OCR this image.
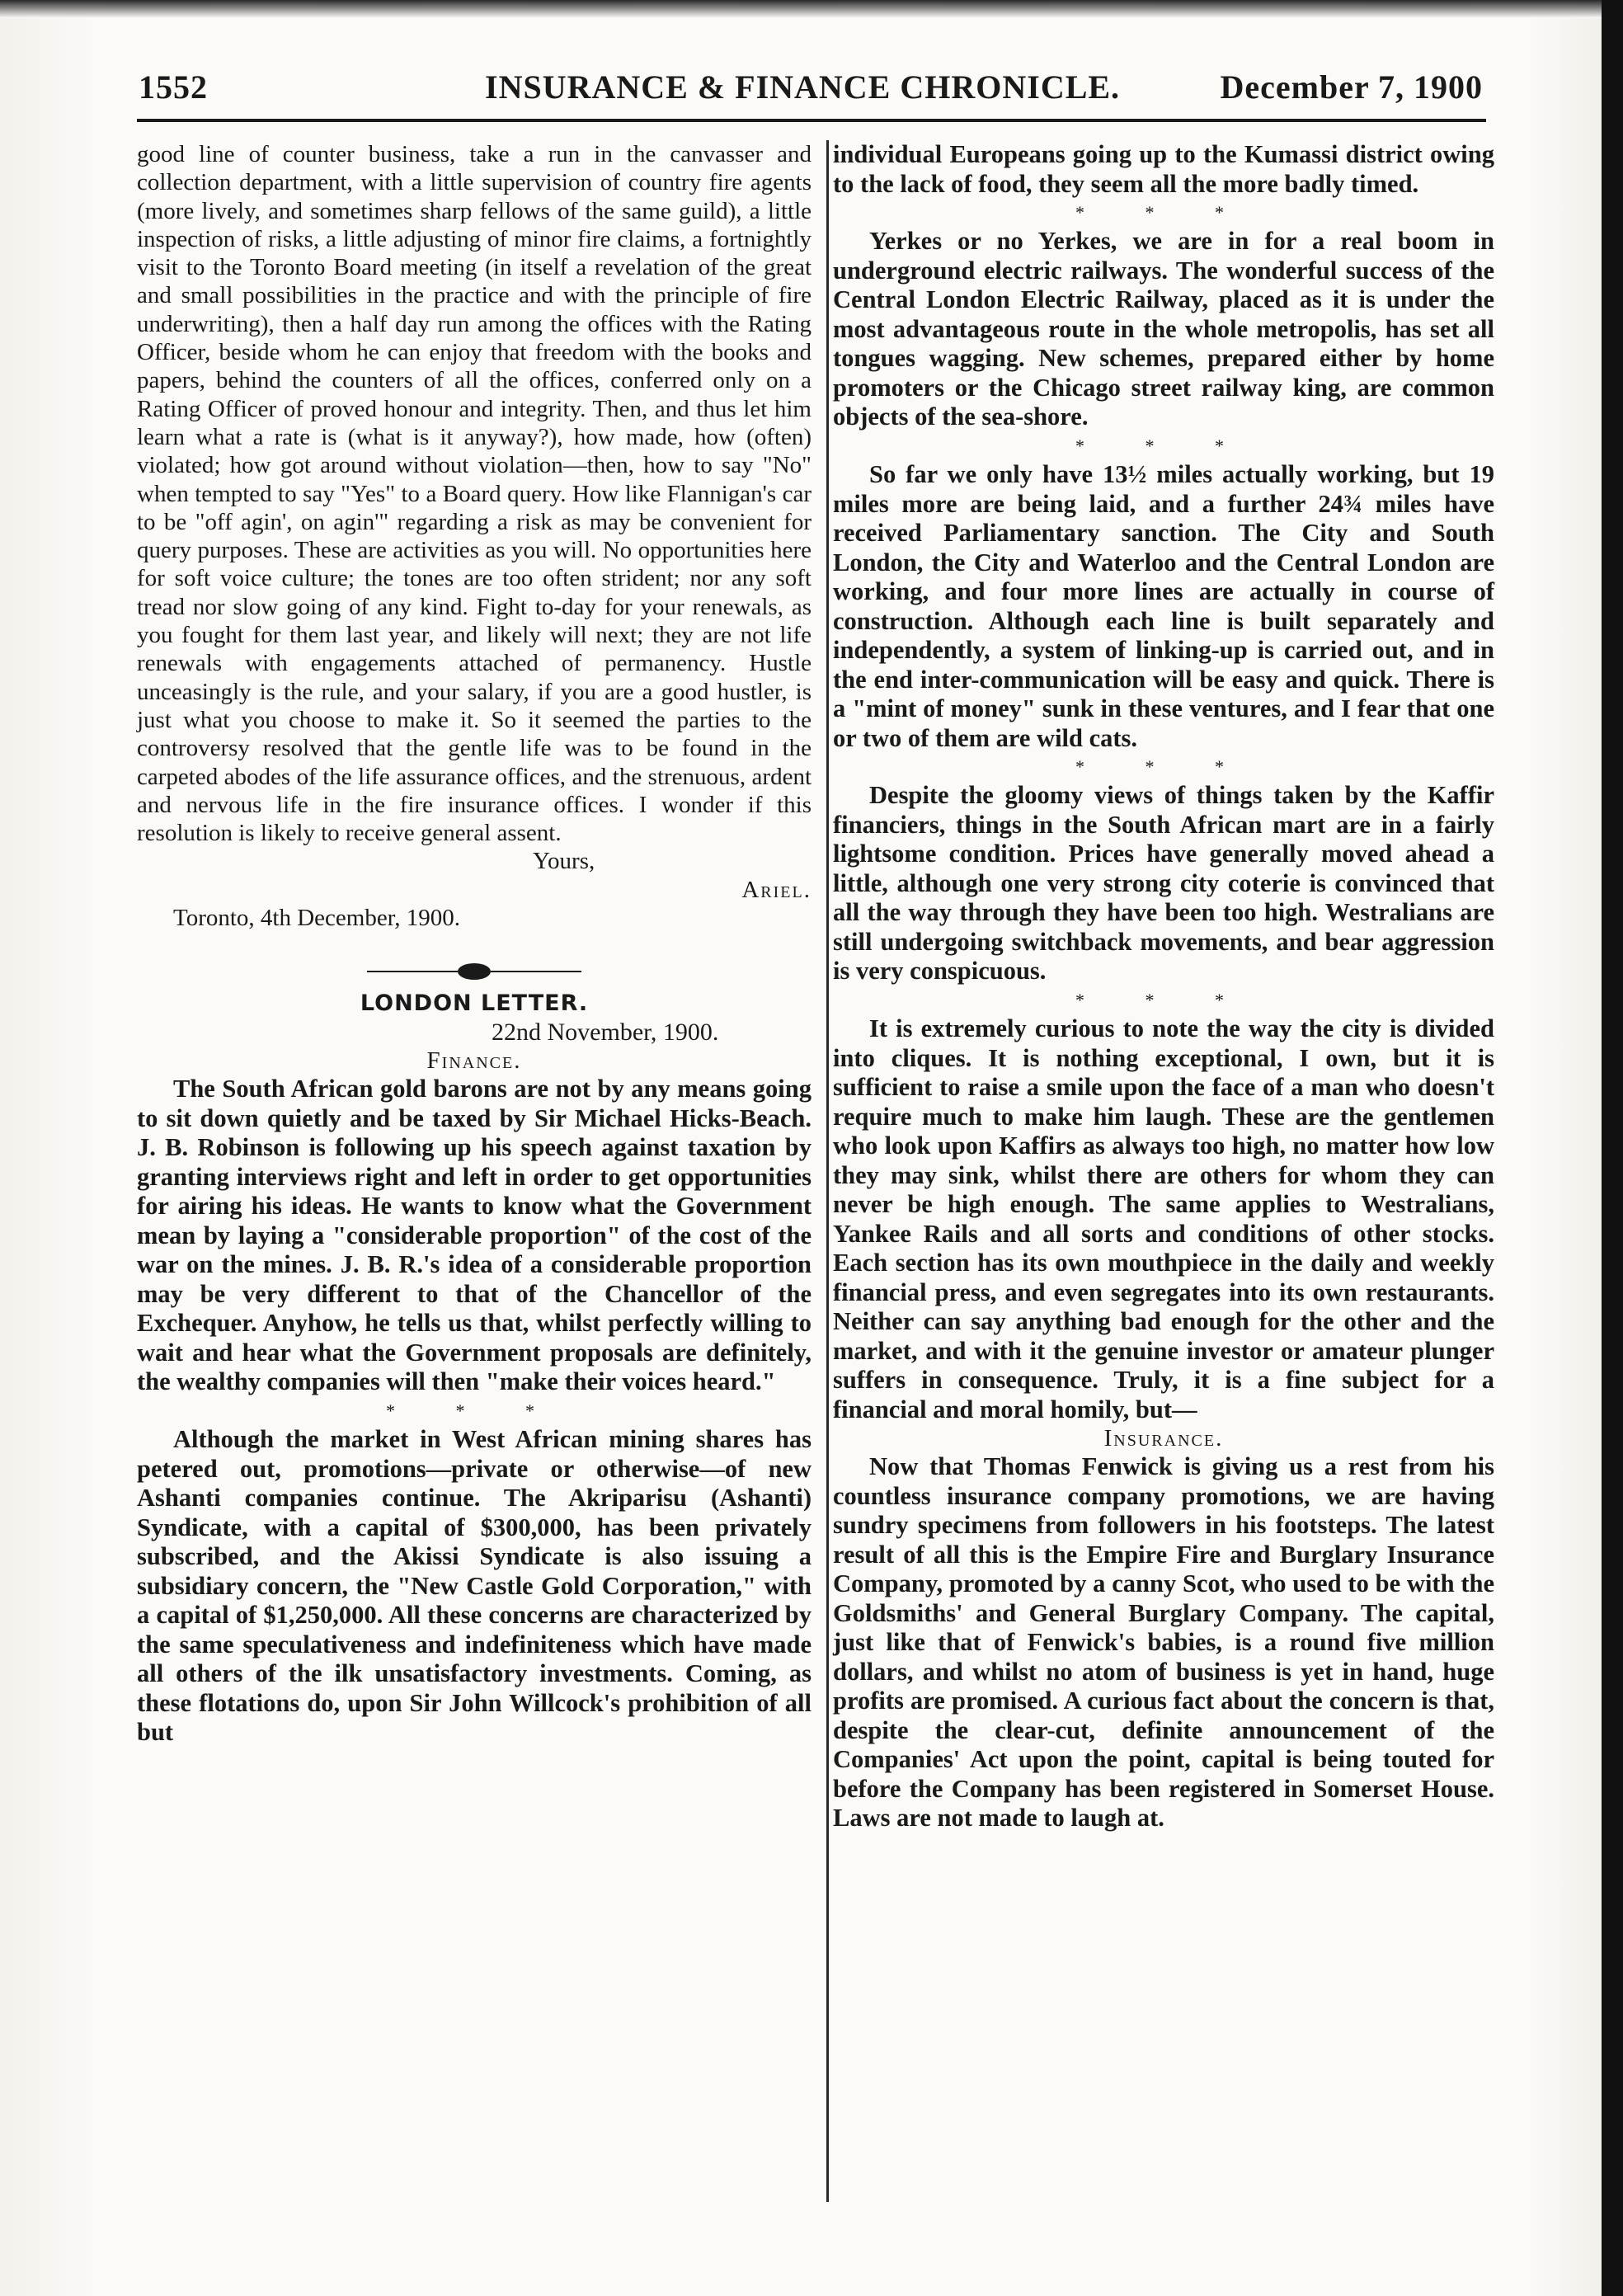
1552	INSURANCE & FINANCE CHRONICLE.	December 7, 1900

good line of counter business, take a run in the canvasser and collection department, with a little supervision of country fire agents (more lively, and sometimes sharp fellows of the same guild), a little inspection of risks, a little adjusting of minor fire claims, a fortnightly visit to the Toronto Board meeting (in itself a revelation of the great and small possibilities in the practice and with the principle of fire underwriting), then a half day run among the offices with the Rating Officer, beside whom he can enjoy that freedom with the books and papers, behind the counters of all the offices, conferred only on a Rating Officer of proved honour and integrity. Then, and thus let him learn what a rate is (what is it anyway?), how made, how (often) violated; how got around without violation—then, how to say "No" when tempted to say "Yes" to a Board query. How like Flannigan's car to be "off agin', on agin'" regarding a risk as may be convenient for query purposes. These are activities as you will. No opportunities here for soft voice culture; the tones are too often strident; nor any soft tread nor slow going of any kind. Fight to-day for your renewals, as you fought for them last year, and likely will next; they are not life renewals with engagements attached of permanency. Hustle unceasingly is the rule, and your salary, if you are a good hustler, is just what you choose to make it. So it seemed the parties to the controversy resolved that the gentle life was to be found in the carpeted abodes of the life assurance offices, and the strenuous, ardent and nervous life in the fire insurance offices. I wonder if this resolution is likely to receive general assent.

Yours,

Ariel.

Toronto, 4th December, 1900.

LONDON LETTER.

22nd November, 1900.

Finance.

The South African gold barons are not by any means going to sit down quietly and be taxed by Sir Michael Hicks-Beach. J. B. Robinson is following up his speech against taxation by granting interviews right and left in order to get opportunities for airing his ideas. He wants to know what the Government mean by laying a "considerable proportion" of the cost of the war on the mines. J. B. R.'s idea of a considerable proportion may be very different to that of the Chancellor of the Exchequer. Anyhow, he tells us that, whilst perfectly willing to wait and hear what the Government proposals are definitely, the wealthy companies will then "make their voices heard."

* * *

Although the market in West African mining shares has petered out, promotions—private or otherwise—of new Ashanti companies continue. The Akriparisu (Ashanti) Syndicate, with a capital of $300,000, has been privately subscribed, and the Akissi Syndicate is also issuing a subsidiary concern, the "New Castle Gold Corporation," with a capital of $1,250,000. All these concerns are characterized by the same speculativeness and indefiniteness which have made all others of the ilk unsatisfactory investments. Coming, as these flotations do, upon Sir John Willcock's prohibition of all but

individual Europeans going up to the Kumassi district owing to the lack of food, they seem all the more badly timed.

* * *

Yerkes or no Yerkes, we are in for a real boom in underground electric railways. The wonderful success of the Central London Electric Railway, placed as it is under the most advantageous route in the whole metropolis, has set all tongues wagging. New schemes, prepared either by home promoters or the Chicago street railway king, are common objects of the sea-shore.

* * *

So far we only have 13½ miles actually working, but 19 miles more are being laid, and a further 24¾ miles have received Parliamentary sanction. The City and South London, the City and Waterloo and the Central London are working, and four more lines are actually in course of construction. Although each line is built separately and independently, a system of linking-up is carried out, and in the end inter-communication will be easy and quick. There is a "mint of money" sunk in these ventures, and I fear that one or two of them are wild cats.

* * *

Despite the gloomy views of things taken by the Kaffir financiers, things in the South African mart are in a fairly lightsome condition. Prices have generally moved ahead a little, although one very strong city coterie is convinced that all the way through they have been too high. Westralians are still undergoing switchback movements, and bear aggression is very conspicuous.

* * *

It is extremely curious to note the way the city is divided into cliques. It is nothing exceptional, I own, but it is sufficient to raise a smile upon the face of a man who doesn't require much to make him laugh. These are the gentlemen who look upon Kaffirs as always too high, no matter how low they may sink, whilst there are others for whom they can never be high enough. The same applies to Westralians, Yankee Rails and all sorts and conditions of other stocks. Each section has its own mouthpiece in the daily and weekly financial press, and even segregates into its own restaurants. Neither can say anything bad enough for the other and the market, and with it the genuine investor or amateur plunger suffers in consequence. Truly, it is a fine subject for a financial and moral homily, but—

Insurance.

Now that Thomas Fenwick is giving us a rest from his countless insurance company promotions, we are having sundry specimens from followers in his footsteps. The latest result of all this is the Empire Fire and Burglary Insurance Company, promoted by a canny Scot, who used to be with the Goldsmiths' and General Burglary Company. The capital, just like that of Fenwick's babies, is a round five million dollars, and whilst no atom of business is yet in hand, huge profits are promised. A curious fact about the concern is that, despite the clear-cut, definite announcement of the Companies' Act upon the point, capital is being touted for before the Company has been registered in Somerset House. Laws are not made to laugh at.
